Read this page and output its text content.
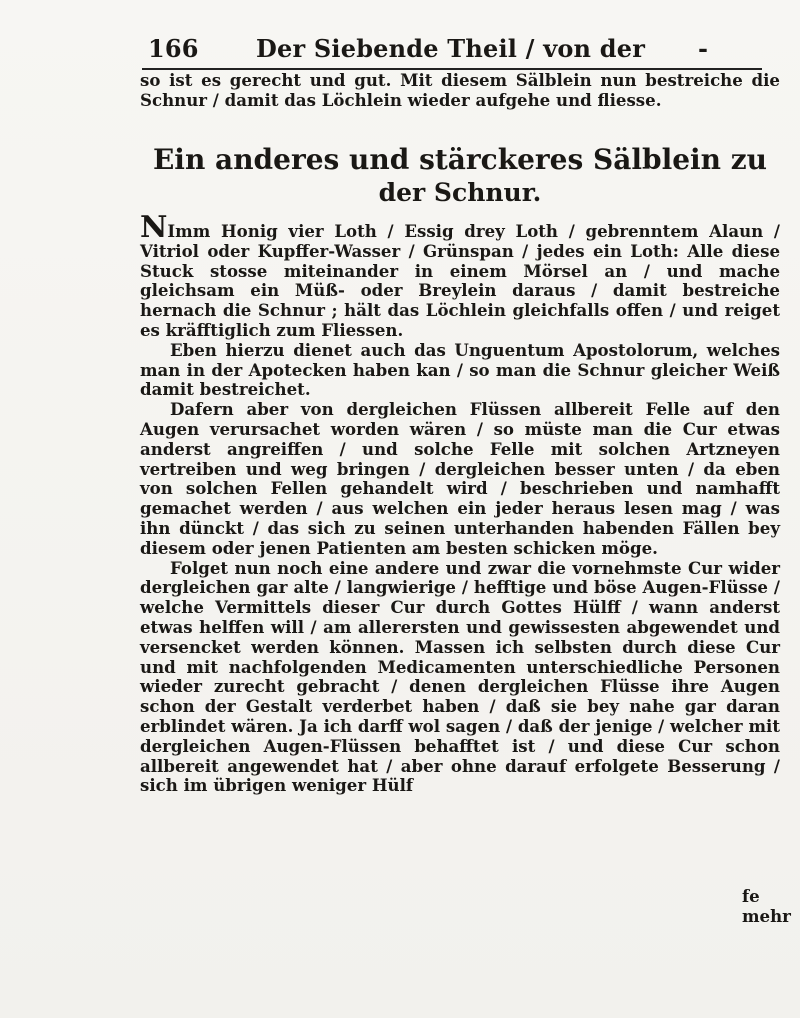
166 Der Siebende Theil / von der -

so ist es gerecht und gut. Mit diesem Sälblein nun bestreiche die Schnur / damit das Löchlein wieder aufgehe und fliesse.

Ein anderes und stärckeres Sälblein zu
der Schnur.

NImm Honig vier Loth / Essig drey Loth / gebrenntem Alaun / Vitriol oder Kupffer-Wasser / Grünspan / jedes ein Loth: Alle diese Stuck stosse miteinander in einem Mörsel an / und mache gleichsam ein Müß- oder Breylein daraus / damit bestreiche hernach die Schnur ; hält das Löchlein gleichfalls offen / und reiget es kräfftiglich zum Fliessen.

Eben hierzu dienet auch das Unguentum Apostolorum, welches man in der Apotecken haben kan / so man die Schnur gleicher Weiß damit bestreichet.

Dafern aber von dergleichen Flüssen allbereit Felle auf den Augen verursachet worden wären / so müste man die Cur etwas anderst angreiffen / und solche Felle mit solchen Artzneyen vertreiben und weg bringen / dergleichen besser unten / da eben von solchen Fellen gehandelt wird / beschrieben und namhafft gemachet werden / aus welchen ein jeder heraus lesen mag / was ihn dünckt / das sich zu seinen unterhanden habenden Fällen bey diesem oder jenen Patienten am besten schicken möge.

Folget nun noch eine andere und zwar die vornehmste Cur wider dergleichen gar alte / langwierige / hefftige und böse Augen-Flüsse / welche Vermittels dieser Cur durch Gottes Hülff / wann anderst etwas helffen will / am allerersten und gewissesten abgewendet und versencket werden können. Massen ich selbsten durch diese Cur und mit nachfolgenden Medicamenten unterschiedliche Personen wieder zurecht gebracht / denen dergleichen Flüsse ihre Augen schon der Gestalt verderbet haben / daß sie bey nahe gar daran erblindet wären. Ja ich darff wol sagen / daß der jenige / welcher mit dergleichen Augen-Flüssen behafftet ist / und diese Cur schon allbereit angewendet hat / aber ohne darauf erfolgete Besserung / sich im übrigen weniger Hülf

fe mehr
